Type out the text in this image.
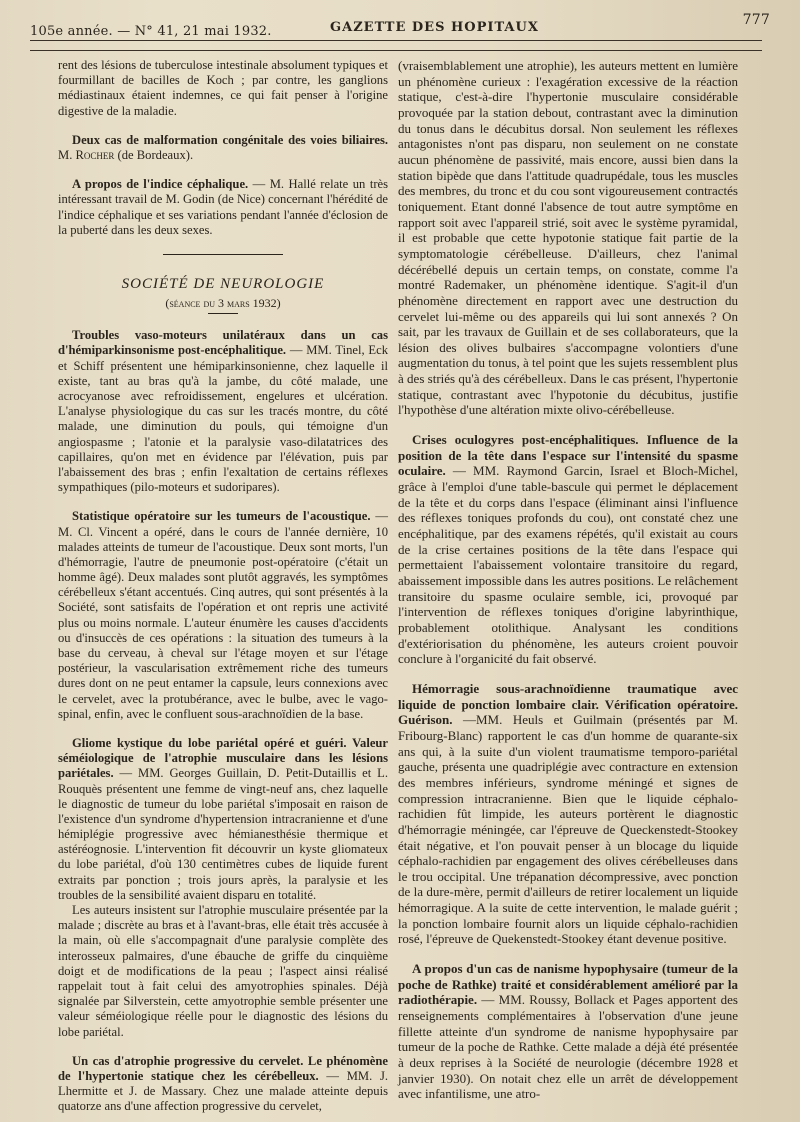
105e année. — N° 41, 21 mai 1932.	GAZETTE DES HOPITAUX	777

rent des lésions de tuberculose intestinale absolument typiques et fourmillant de bacilles de Koch ; par contre, les ganglions médiastinaux étaient indemnes, ce qui fait penser à l'origine digestive de la maladie.

Deux cas de malformation congénitale des voies biliaires. M. Rocher (de Bordeaux).

A propos de l'indice céphalique. — M. Hallé relate un très intéressant travail de M. Godin (de Nice) concernant l'hérédité de l'indice céphalique et ses variations pendant l'année d'éclosion de la puberté dans les deux sexes.

SOCIÉTÉ DE NEUROLOGIE
(séance du 3 mars 1932)

Troubles vaso-moteurs unilatéraux dans un cas d'hémiparkinsonisme post-encéphalitique. — MM. Tinel, Eck et Schiff présentent une hémiparkinsonienne, chez laquelle il existe, tant au bras qu'à la jambe, du côté malade, une acrocyanose avec refroidissement, engelures et ulcération. L'analyse physiologique du cas sur les tracés montre, du côté malade, une diminution du pouls, qui témoigne d'un angiospasme ; l'atonie et la paralysie vaso-dilatatrices des capillaires, qu'on met en évidence par l'élévation, puis par l'abaissement des bras ; enfin l'exaltation de certains réflexes sympathiques (pilo-moteurs et sudoripares).

Statistique opératoire sur les tumeurs de l'acoustique. — M. Cl. Vincent a opéré, dans le cours de l'année dernière, 10 malades atteints de tumeur de l'acoustique. Deux sont morts, l'un d'hémorragie, l'autre de pneumonie post-opératoire (c'était un homme âgé). Deux malades sont plutôt aggravés, les symptômes cérébelleux s'étant accentués. Cinq autres, qui sont présentés à la Société, sont satisfaits de l'opération et ont repris une activité plus ou moins normale. L'auteur énumère les causes d'accidents ou d'insuccès de ces opérations : la situation des tumeurs à la base du cerveau, à cheval sur l'étage moyen et sur l'étage postérieur, la vascularisation extrêmement riche des tumeurs dures dont on ne peut entamer la capsule, leurs connexions avec le cervelet, avec la protubérance, avec le bulbe, avec le vago-spinal, enfin, avec le confluent sous-arachnoïdien de la base.

Gliome kystique du lobe pariétal opéré et guéri. Valeur séméiologique de l'atrophie musculaire dans les lésions pariétales. — MM. Georges Guillain, D. Petit-Dutaillis et L. Rouquès présentent une femme de vingt-neuf ans, chez laquelle le diagnostic de tumeur du lobe pariétal s'imposait en raison de l'existence d'un syndrome d'hypertension intracranienne et d'une hémiplégie progressive avec hémianesthésie thermique et astéréognosie. L'intervention fit découvrir un kyste gliomateux du lobe pariétal, d'où 130 centimètres cubes de liquide furent extraits par ponction ; trois jours après, la paralysie et les troubles de la sensibilité avaient disparu en totalité.

Les auteurs insistent sur l'atrophie musculaire présentée par la malade ; discrète au bras et à l'avant-bras, elle était très accusée à la main, où elle s'accompagnait d'une paralysie complète des interosseux palmaires, d'une ébauche de griffe du cinquième doigt et de modifications de la peau ; l'aspect ainsi réalisé rappelait tout à fait celui des amyotrophies spinales. Déjà signalée par Silverstein, cette amyotrophie semble présenter une valeur séméiologique réelle pour le diagnostic des lésions du lobe pariétal.

Un cas d'atrophie progressive du cervelet. Le phénomène de l'hypertonie statique chez les cérébelleux. — MM. J. Lhermitte et J. de Massary. Chez une malade atteinte depuis quatorze ans d'une affection progressive du cervelet,

(vraisemblablement une atrophie), les auteurs mettent en lumière un phénomène curieux : l'exagération excessive de la réaction statique, c'est-à-dire l'hypertonie musculaire considérable provoquée par la station debout, contrastant avec la diminution du tonus dans le décubitus dorsal. Non seulement les réflexes antagonistes n'ont pas disparu, non seulement on ne constate aucun phénomène de passivité, mais encore, aussi bien dans la station bipède que dans l'attitude quadrupédale, tous les muscles des membres, du tronc et du cou sont vigoureusement contractés toniquement. Etant donné l'absence de tout autre symptôme en rapport soit avec l'appareil strié, soit avec le système pyramidal, il est probable que cette hypotonie statique fait partie de la symptomatologie cérébelleuse. D'ailleurs, chez l'animal décérébellé depuis un certain temps, on constate, comme l'a montré Rademaker, un phénomène identique. S'agit-il d'un phénomène directement en rapport avec une destruction du cervelet lui-même ou des appareils qui lui sont annexés ? On sait, par les travaux de Guillain et de ses collaborateurs, que la lésion des olives bulbaires s'accompagne volontiers d'une augmentation du tonus, à tel point que les sujets ressemblent plus à des striés qu'à des cérébelleux. Dans le cas présent, l'hypertonie statique, contrastant avec l'hypotonie du décubitus, justifie l'hypothèse d'une altération mixte olivo-cérébelleuse.

Crises oculogyres post-encéphalitiques. Influence de la position de la tête dans l'espace sur l'intensité du spasme oculaire. — MM. Raymond Garcin, Israel et Bloch-Michel, grâce à l'emploi d'une table-bascule qui permet le déplacement de la tête et du corps dans l'espace (éliminant ainsi l'influence des réflexes toniques profonds du cou), ont constaté chez une encéphalitique, par des examens répétés, qu'il existait au cours de la crise certaines positions de la tête dans l'espace qui permettaient l'abaissement volontaire transitoire du regard, abaissement impossible dans les autres positions. Le relâchement transitoire du spasme oculaire semble, ici, provoqué par l'intervention de réflexes toniques d'origine labyrinthique, probablement otolithique. Analysant les conditions d'extériorisation du phénomène, les auteurs croient pouvoir conclure à l'organicité du fait observé.

Hémorragie sous-arachnoïdienne traumatique avec liquide de ponction lombaire clair. Vérification opératoire. Guérison. —MM. Heuls et Guilmain (présentés par M. Fribourg-Blanc) rapportent le cas d'un homme de quarante-six ans qui, à la suite d'un violent traumatisme temporo-pariétal gauche, présenta une quadriplégie avec contracture en extension des membres inférieurs, syndrome méningé et signes de compression intracranienne. Bien que le liquide céphalo-rachidien fût limpide, les auteurs portèrent le diagnostic d'hémorragie méningée, car l'épreuve de Queckenstedt-Stookey était négative, et l'on pouvait penser à un blocage du liquide céphalo-rachidien par engagement des olives cérébelleuses dans le trou occipital. Une trépanation décompressive, avec ponction de la dure-mère, permit d'ailleurs de retirer localement un liquide hémorragique. A la suite de cette intervention, le malade guérit ; la ponction lombaire fournit alors un liquide céphalo-rachidien rosé, l'épreuve de Quekenstedt-Stookey étant devenue positive.

A propos d'un cas de nanisme hypophysaire (tumeur de la poche de Rathke) traité et considérablement amélioré par la radiothérapie. — MM. Roussy, Bollack et Pages apportent des renseignements complémentaires à l'observation d'une jeune fillette atteinte d'un syndrome de nanisme hypophysaire par tumeur de la poche de Rathke. Cette malade a déjà été présentée à deux reprises à la Société de neurologie (décembre 1928 et janvier 1930). On notait chez elle un arrêt de développement avec infantilisme, une atro-
